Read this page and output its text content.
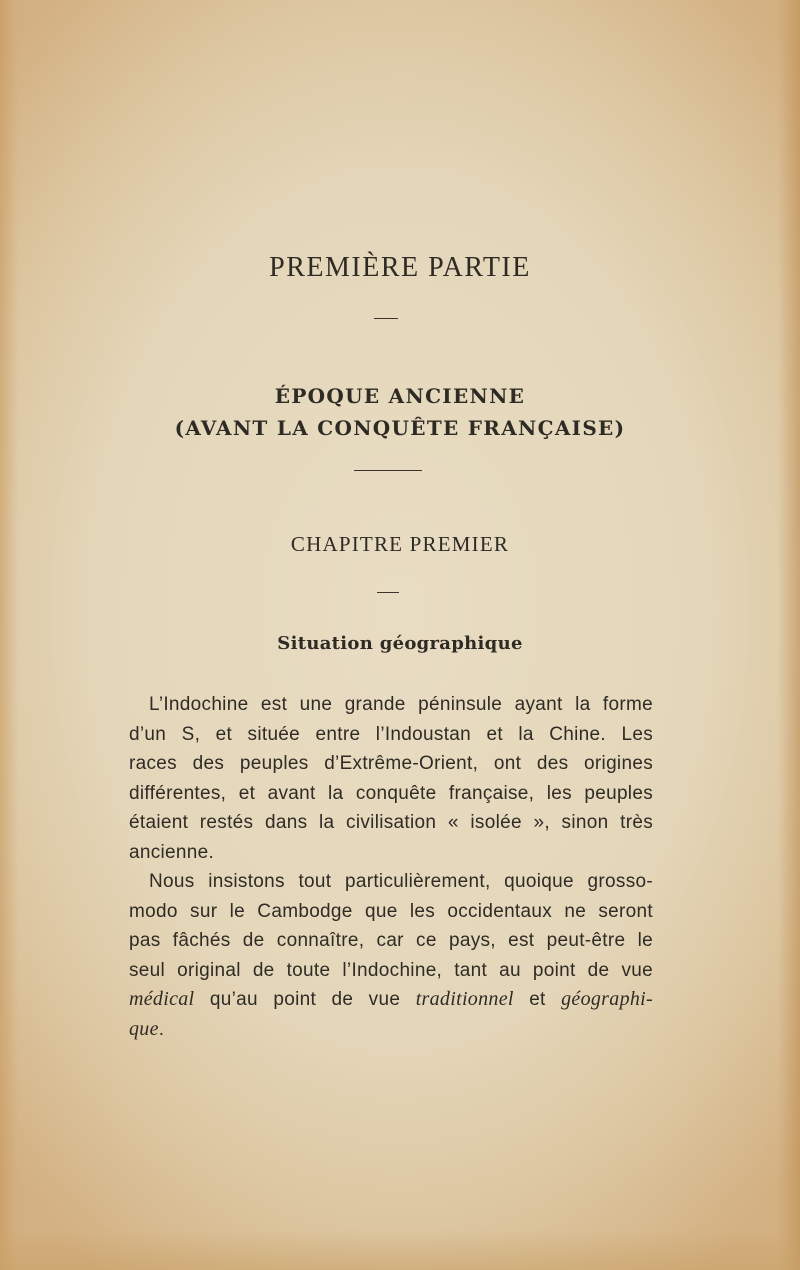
PREMIÈRE PARTIE
ÉPOQUE ANCIENNE
(AVANT LA CONQUÊTE FRANÇAISE)
CHAPITRE PREMIER
Situation géographique
L’Indochine est une grande péninsule ayant la forme
d’un S, et située entre l’Indoustan et la Chine. Les
races des peuples d’Extrême-Orient, ont des origines
différentes, et avant la conquête française, les peuples
étaient restés dans la civilisation « isolée », sinon très
ancienne.
Nous insistons tout particulièrement, quoique grosso-
modo sur le Cambodge que les occidentaux ne seront
pas fâchés de connaître, car ce pays, est peut-être le
seul original de toute l’Indochine, tant au point de vue
médical qu’au point de vue traditionnel et géographi-
que.
